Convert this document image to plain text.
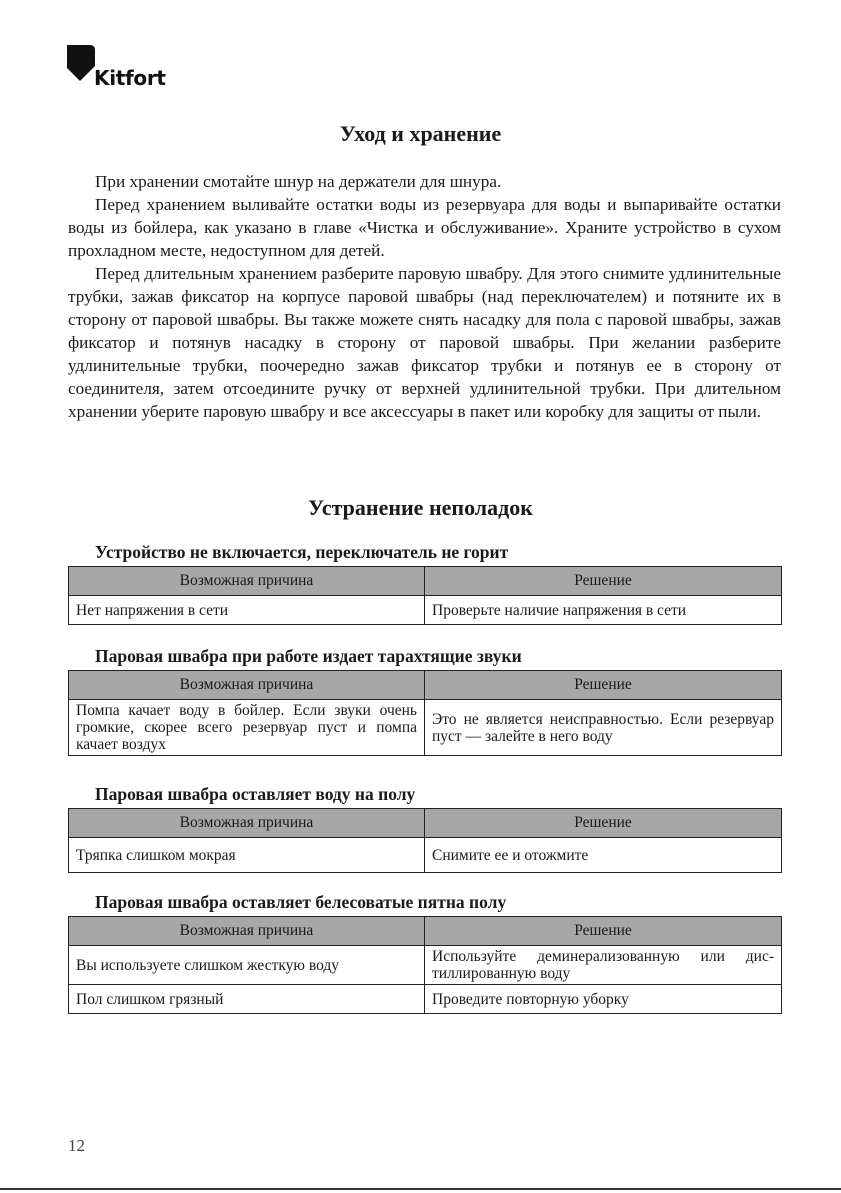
Kitfort
Уход и хранение

При хранении смотайте шнур на держатели для шнура.

Перед хранением выливайте остатки воды из резервуара для воды и выпаривайте остатки воды из бойлера, как указано в главе «Чистка и обслуживание». Храните устройство в сухом прохладном месте, недоступном для детей.

Перед длительным хранением разберите паровую швабру. Для этого снимите удлинительные трубки, зажав фиксатор на корпусе паровой швабры (над переключателем) и потяните их в сторону от паровой швабры. Вы также можете снять насадку для пола с паровой швабры, зажав фиксатор и потянув насадку в сторону от паровой швабры. При желании разберите удлинительные трубки, поочередно зажав фиксатор трубки и потянув ее в сторону от соединителя, затем отсоедините ручку от верхней удлинительной трубки. При длительном хранении уберите паровую швабру и все аксессуары в пакет или коробку для защиты от пыли.

Устранение неполадок
Устройство не включается, переключатель не горит
Возможная причина	Решение
Нет напряжения в сети	Проверьте наличие напряжения в сети
Паровая швабра при работе издает тарахтящие звуки
Возможная причина	Решение
Помпа качает воду в бойлер. Если звуки очень громкие, скорее всего резервуар пуст и помпа качает воздух	Это не является неисправностью. Если резервуар пуст — залейте в него воду
Паровая швабра оставляет воду на полу
Возможная причина	Решение
Тряпка слишком мокрая	Снимите ее и отожмите
Паровая швабра оставляет белесоватые пятна полу
Возможная причина	Решение
Вы используете слишком жесткую воду	Используйте деминерализованную или дистиллированную воду
Пол слишком грязный	Проведите повторную уборку
12
